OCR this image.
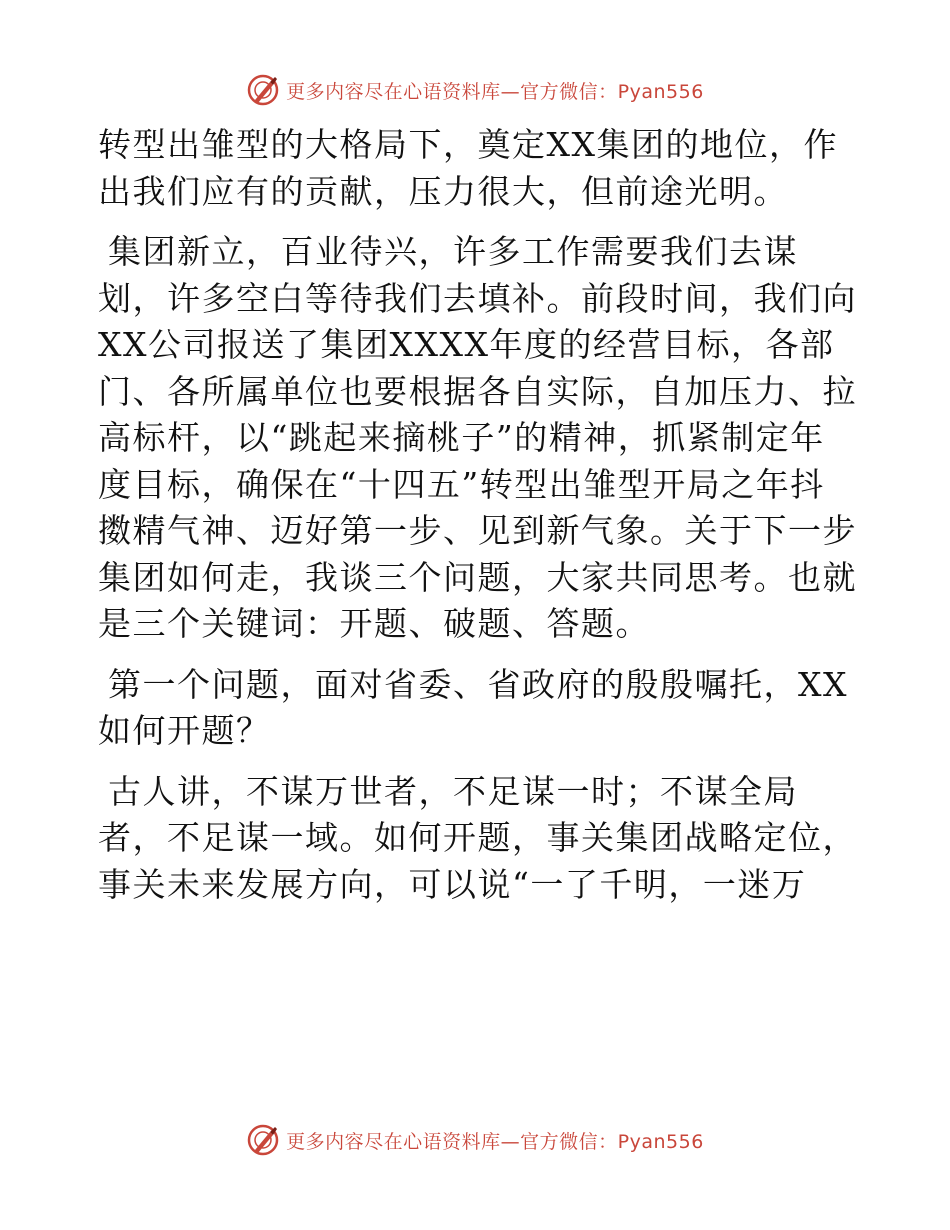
更多内容尽在心语资料库—官方微信：Pyan556

转型出雏型的大格局下，奠定XX集团的地位，作
出我们应有的贡献，压力很大，但前途光明。

集团新立，百业待兴，许多工作需要我们去谋
划，许多空白等待我们去填补。前段时间，我们向
XX公司报送了集团XXXX年度的经营目标，各部
门、各所属单位也要根据各自实际，自加压力、拉
高标杆，以“跳起来摘桃子”的精神，抓紧制定年
度目标，确保在“十四五”转型出雏型开局之年抖
擞精气神、迈好第一步、见到新气象。关于下一步
集团如何走，我谈三个问题，大家共同思考。也就
是三个关键词：开题、破题、答题。

第一个问题，面对省委、省政府的殷殷嘱托，XX
如何开题？

古人讲，不谋万世者，不足谋一时；不谋全局
者，不足谋一域。如何开题，事关集团战略定位，
事关未来发展方向，可以说“一了千明，一迷万

更多内容尽在心语资料库—官方微信：Pyan556
